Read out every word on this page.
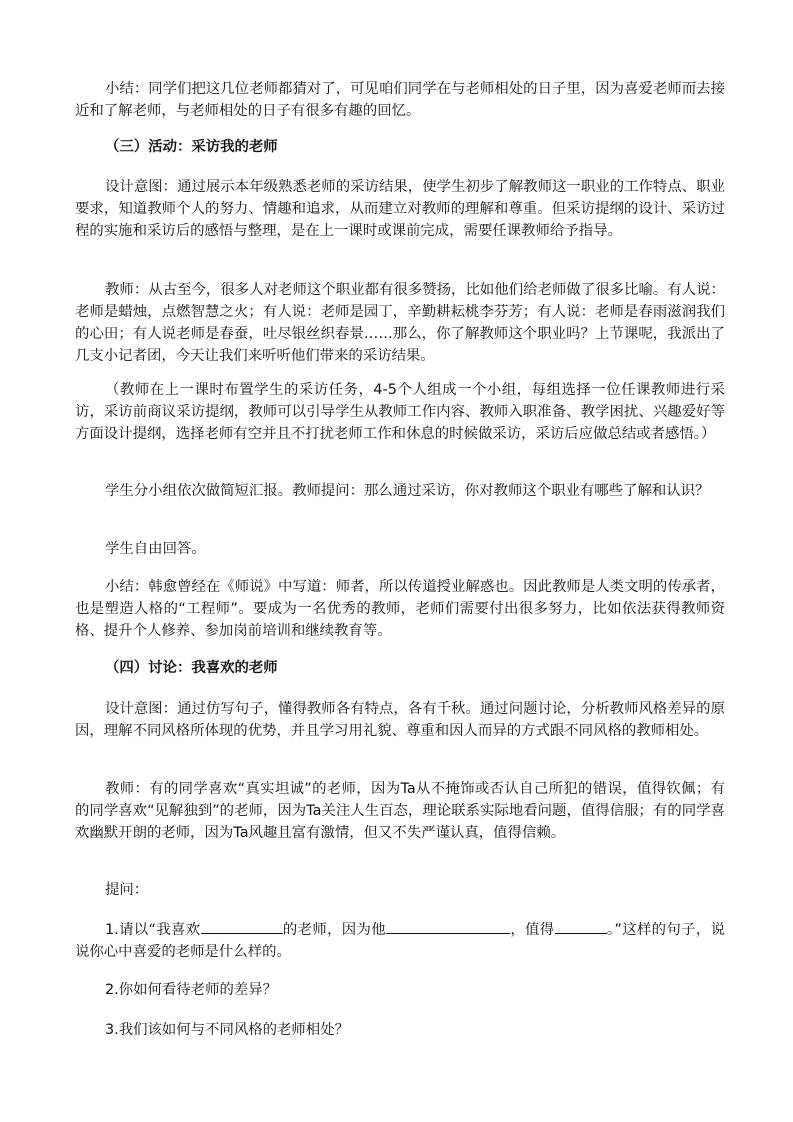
小结：同学们把这几位老师都猜对了，可见咱们同学在与老师相处的日子里，因为喜爱老师而去接近和了解老师，与老师相处的日子有很多有趣的回忆。

（三）活动：采访我的老师

设计意图：通过展示本年级熟悉老师的采访结果，使学生初步了解教师这一职业的工作特点、职业要求，知道教师个人的努力、情趣和追求，从而建立对教师的理解和尊重。但采访提纲的设计、采访过程的实施和采访后的感悟与整理，是在上一课时或课前完成，需要任课教师给予指导。

教师：从古至今，很多人对老师这个职业都有很多赞扬，比如他们给老师做了很多比喻。有人说：老师是蜡烛，点燃智慧之火；有人说：老师是园丁，辛勤耕耘桃李芬芳；有人说：老师是春雨滋润我们的心田；有人说老师是春蚕，吐尽银丝织春景……那么，你了解教师这个职业吗？上节课呢，我派出了几支小记者团，今天让我们来听听他们带来的采访结果。

（教师在上一课时布置学生的采访任务，4-5个人组成一个小组，每组选择一位任课教师进行采访，采访前商议采访提纲，教师可以引导学生从教师工作内容、教师入职准备、教学困扰、兴趣爱好等方面设计提纲，选择老师有空并且不打扰老师工作和休息的时候做采访，采访后应做总结或者感悟。）

学生分小组依次做简短汇报。教师提问：那么通过采访，你对教师这个职业有哪些了解和认识？

学生自由回答。

小结：韩愈曾经在《师说》中写道：师者，所以传道授业解惑也。因此教师是人类文明的传承者，也是塑造人格的“工程师”。要成为一名优秀的教师，老师们需要付出很多努力，比如依法获得教师资格、提升个人修养、参加岗前培训和继续教育等。

（四）讨论：我喜欢的老师

设计意图：通过仿写句子，懂得教师各有特点，各有千秋。通过问题讨论，分析教师风格差异的原因，理解不同风格所体现的优势，并且学习用礼貌、尊重和因人而异的方式跟不同风格的教师相处。

教师：有的同学喜欢“真实坦诚”的老师，因为Ta从不掩饰或否认自己所犯的错误，值得钦佩；有的同学喜欢“见解独到”的老师，因为Ta关注人生百态，理论联系实际地看问题，值得信服；有的同学喜欢幽默开朗的老师，因为Ta风趣且富有激情，但又不失严谨认真，值得信赖。

提问：

1.请以“我喜欢	的老师，因为他	，值得	。”这样的句子，说说你心中喜爱的老师是什么样的。

2.你如何看待老师的差异？

3.我们该如何与不同风格的老师相处？
